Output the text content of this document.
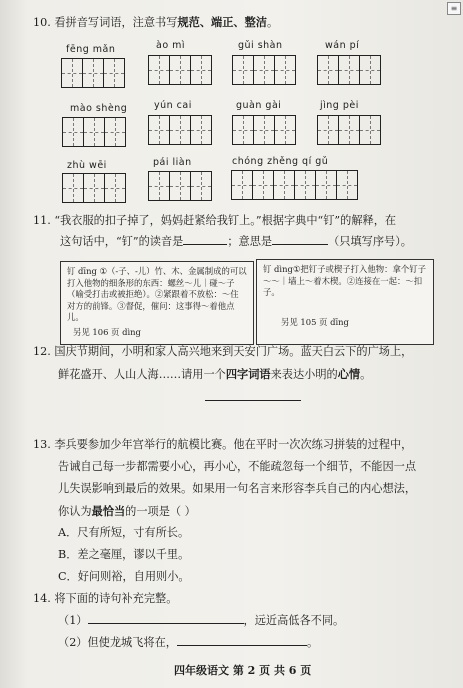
≡
10. 看拼音写词语，注意书写规范、端正、整洁。
fēng mǎn	ào mì	gǔi shàn	wán pí
mào shèng	yún cai	guàn gài	jìng pèi
zhù wēi	pái liàn	chóng zhěng qí gǔ
11. “我衣服的扣子掉了，妈妈赶紧给我钉上。”根据字典中“钉”的解释，在
这句话中，“钉”的读音是	；意思是	（只填写序号）。
钉 dīng ①（-子、-儿）竹、木、金属制成的可以打入他物的细条形的东西：螺丝～儿｜碰～子（喻受打击或被拒绝）。②紧跟着不放松：～住对方的前锋。③督促，催问：这事得～着他点儿。
另见 106 页 dìng
钉 dìng①把钉子或楔子打入他物：拿个钉子～～｜墙上～着木楔。②连接在一起：～扣子。
另见 105 页 dīng
12. 国庆节期间，小明和家人高兴地来到天安门广场。蓝天白云下的广场上，
鲜花盛开、人山人海……请用一个四字词语来表达小明的心情。
13. 李兵要参加少年宫举行的航模比赛。他在平时一次次练习拼装的过程中，
告诫自己每一步都需要小心，再小心，不能疏忽每一个细节，不能因一点
儿失误影响到最后的效果。如果用一句名言来形容李兵自己的内心想法，
你认为最恰当的一项是（ ）
A．尺有所短，寸有所长。
B．差之毫厘，谬以千里。
C．好问则裕，自用则小。
14. 将下面的诗句补充完整。
（1）	，远近高低各不同。
（2）但使龙城飞将在，	。
四年级语文 第 2 页 共 6 页
